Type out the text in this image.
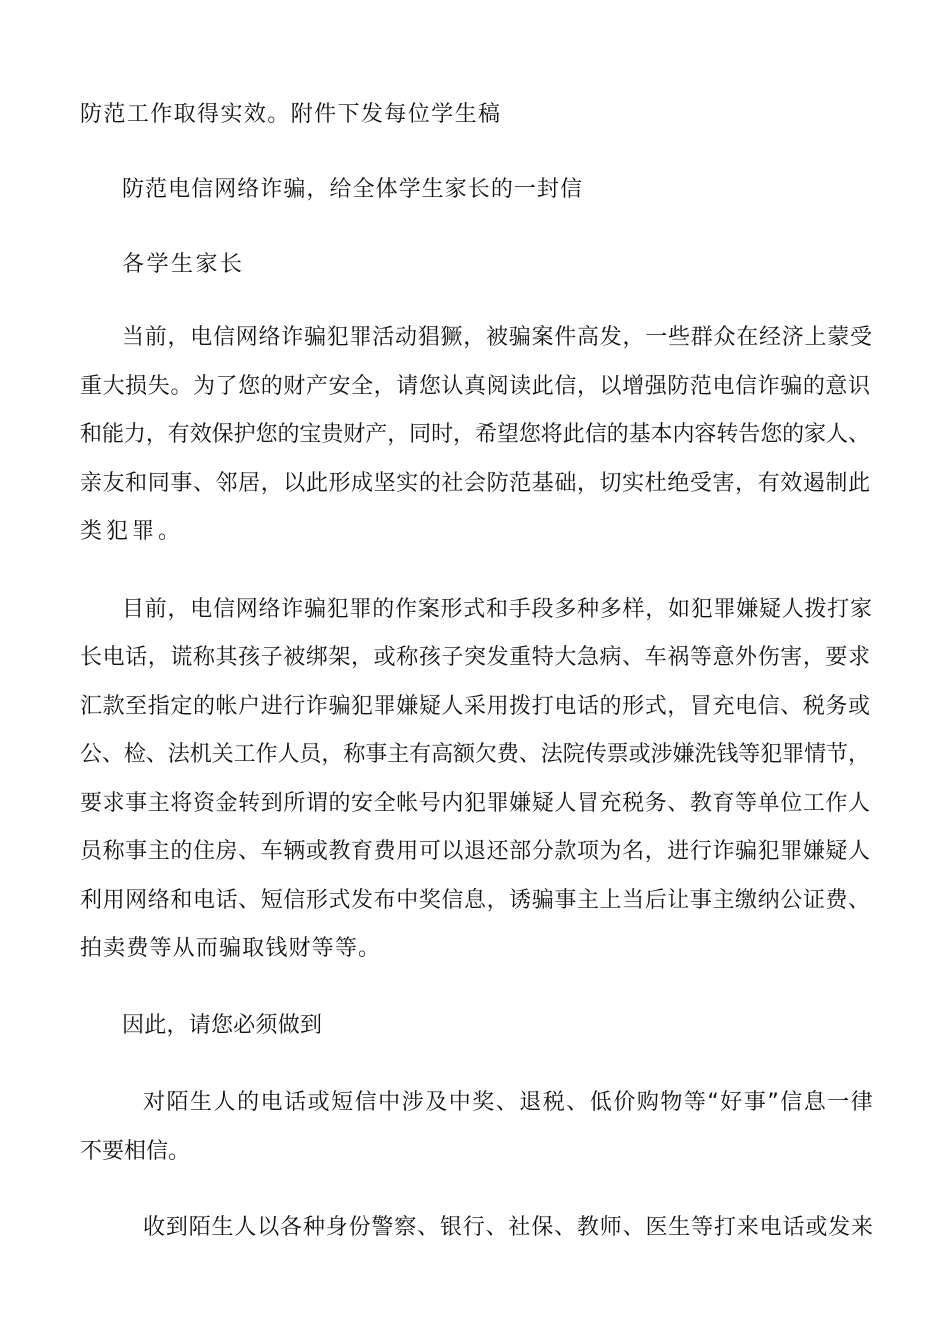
防范工作取得实效。附件下发每位学生稿
防范电信网络诈骗，给全体学生家长的一封信
各学生家长
当前，电信网络诈骗犯罪活动猖獗，被骗案件高发，一些群众在经济上蒙受
重大损失。为了您的财产安全，请您认真阅读此信，以增强防范电信诈骗的意识
和能力，有效保护您的宝贵财产，同时，希望您将此信的基本内容转告您的家人、
亲友和同事、邻居，以此形成坚实的社会防范基础，切实杜绝受害，有效遏制此
类犯罪。
目前，电信网络诈骗犯罪的作案形式和手段多种多样，如犯罪嫌疑人拨打家
长电话，谎称其孩子被绑架，或称孩子突发重特大急病、车祸等意外伤害，要求
汇款至指定的帐户进行诈骗犯罪嫌疑人采用拨打电话的形式，冒充电信、税务或
公、检、法机关工作人员，称事主有高额欠费、法院传票或涉嫌洗钱等犯罪情节，
要求事主将资金转到所谓的安全帐号内犯罪嫌疑人冒充税务、教育等单位工作人
员称事主的住房、车辆或教育费用可以退还部分款项为名，进行诈骗犯罪嫌疑人
利用网络和电话、短信形式发布中奖信息，诱骗事主上当后让事主缴纳公证费、
拍卖费等从而骗取钱财等等。
因此，请您必须做到
对陌生人的电话或短信中涉及中奖、退税、低价购物等“好事”信息一律
不要相信。
收到陌生人以各种身份警察、银行、社保、教师、医生等打来电话或发来
